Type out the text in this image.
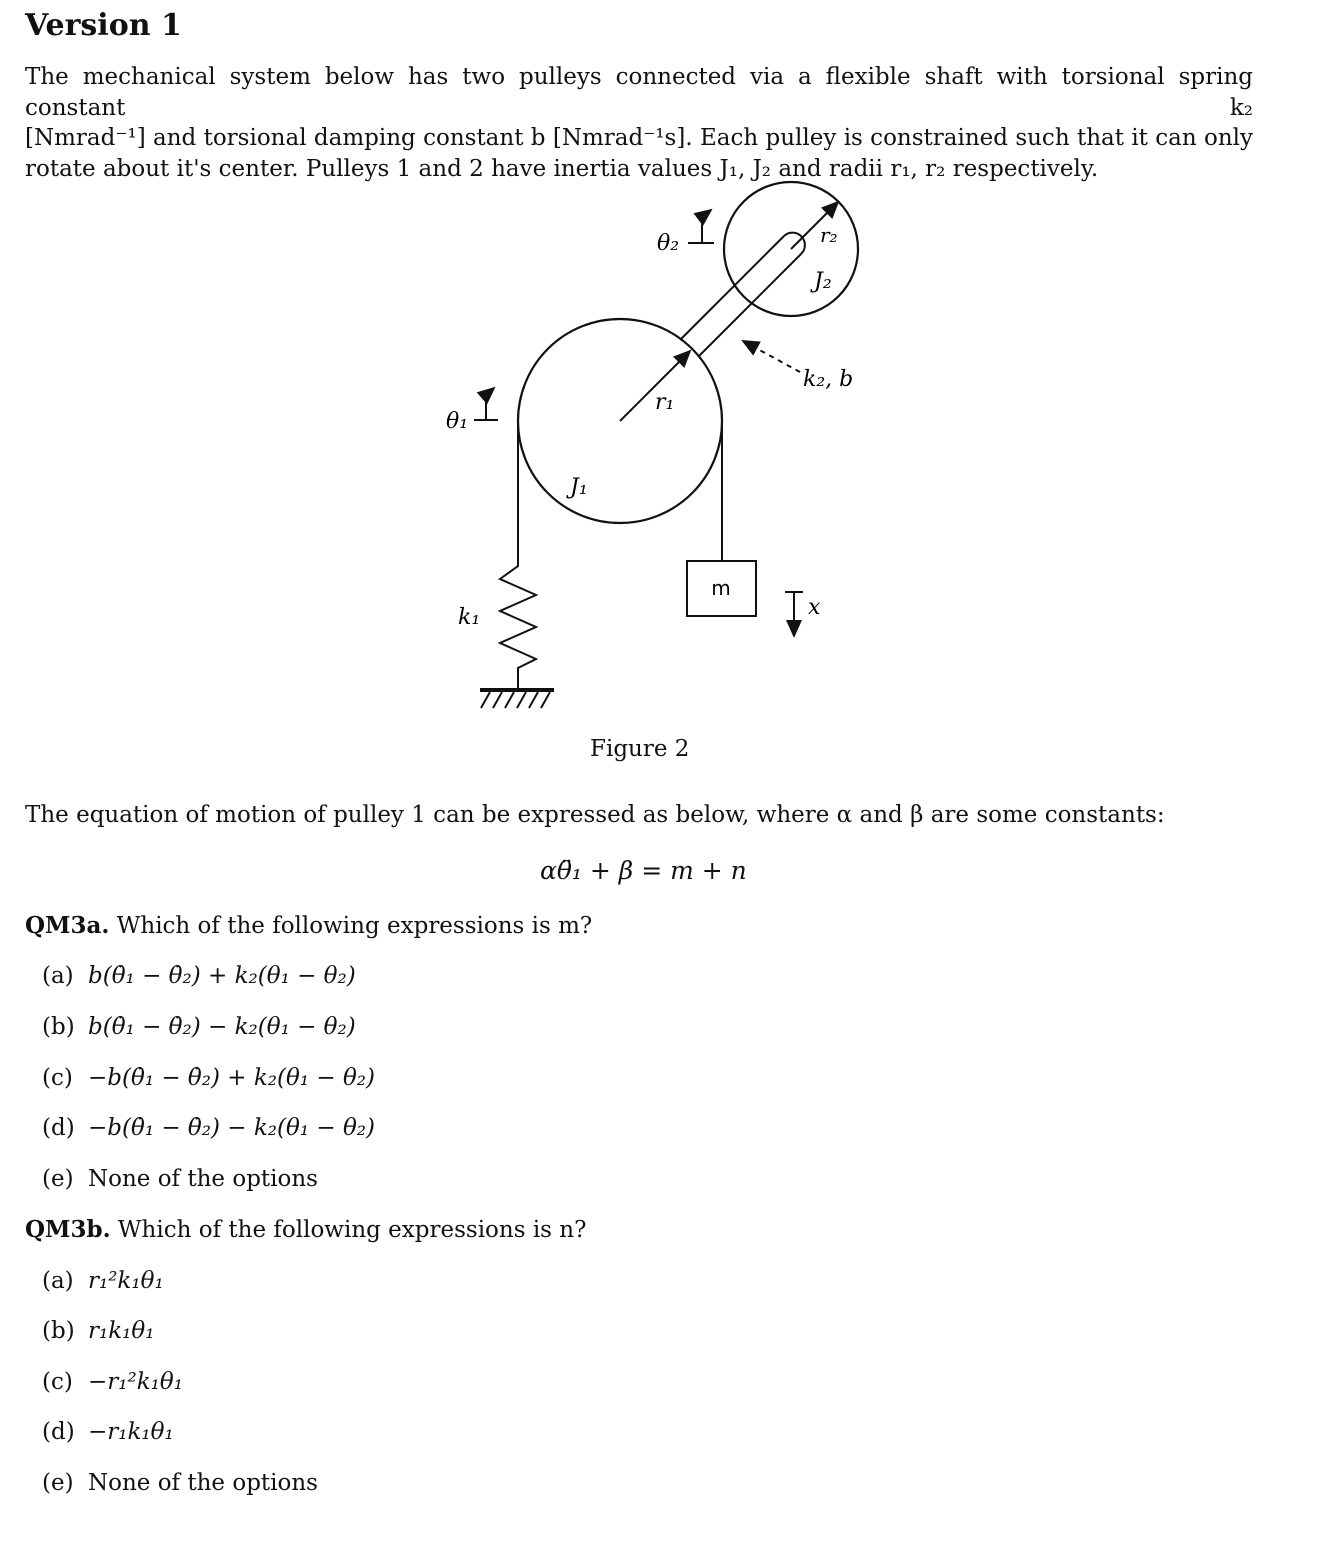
Version 1
The mechanical system below has two pulleys connected via a flexible shaft with torsional spring constant k₂
[Nmrad⁻¹] and torsional damping constant b [Nmrad⁻¹s]. Each pulley is constrained such that it can only
rotate about it's center. Pulleys 1 and 2 have inertia values J₁, J₂ and radii r₁, r₂ respectively.
m
θ₁
θ₂
r₁
r₂
J₁
J₂
k₂, b
k₁	x
Figure 2
The equation of motion of pulley 1 can be expressed as below, where α and β are some constants:
αθ̈₁ + β = m + n
QM3a. Which of the following expressions is m?
(a) b(θ̇₁ − θ̇₂) + k₂(θ₁ − θ₂)
(b) b(θ̇₁ − θ̇₂) − k₂(θ₁ − θ₂)
(c) −b(θ̇₁ − θ̇₂) + k₂(θ₁ − θ₂)
(d) −b(θ̇₁ − θ̇₂) − k₂(θ₁ − θ₂)
(e) None of the options
QM3b. Which of the following expressions is n?
(a) r₁²k₁θ₁
(b) r₁k₁θ₁
(c) −r₁²k₁θ₁
(d) −r₁k₁θ₁
(e) None of the options
